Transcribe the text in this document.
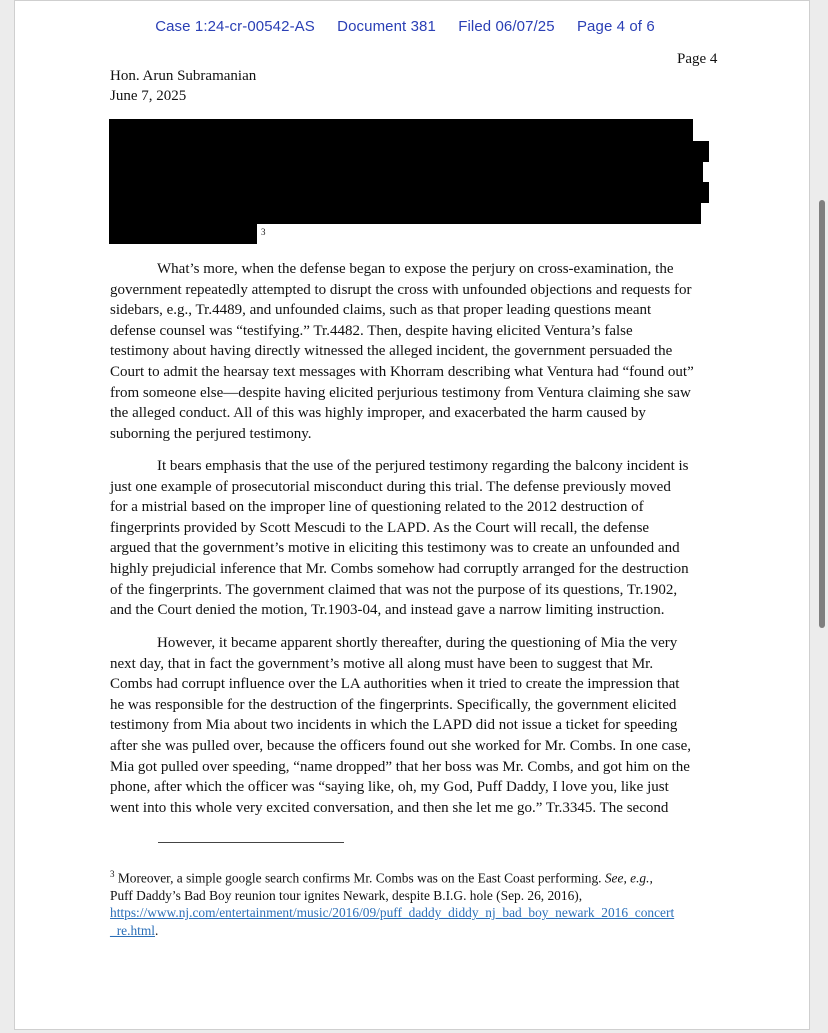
Case 1:24-cr-00542-AS Document 381 Filed 06/07/25 Page 4 of 6
Page 4
Hon. Arun Subramanian
June 7, 2025
3
What’s more, when the defense began to expose the perjury on cross-examination, the
government repeatedly attempted to disrupt the cross with unfounded objections and requests for
sidebars, e.g., Tr.4489, and unfounded claims, such as that proper leading questions meant
defense counsel was “testifying.” Tr.4482. Then, despite having elicited Ventura’s false
testimony about having directly witnessed the alleged incident, the government persuaded the
Court to admit the hearsay text messages with Khorram describing what Ventura had “found out”
from someone else—despite having elicited perjurious testimony from Ventura claiming she saw
the alleged conduct. All of this was highly improper, and exacerbated the harm caused by
suborning the perjured testimony.
It bears emphasis that the use of the perjured testimony regarding the balcony incident is
just one example of prosecutorial misconduct during this trial. The defense previously moved
for a mistrial based on the improper line of questioning related to the 2012 destruction of
fingerprints provided by Scott Mescudi to the LAPD. As the Court will recall, the defense
argued that the government’s motive in eliciting this testimony was to create an unfounded and
highly prejudicial inference that Mr. Combs somehow had corruptly arranged for the destruction
of the fingerprints. The government claimed that was not the purpose of its questions, Tr.1902,
and the Court denied the motion, Tr.1903-04, and instead gave a narrow limiting instruction.
However, it became apparent shortly thereafter, during the questioning of Mia the very
next day, that in fact the government’s motive all along must have been to suggest that Mr.
Combs had corrupt influence over the LA authorities when it tried to create the impression that
he was responsible for the destruction of the fingerprints. Specifically, the government elicited
testimony from Mia about two incidents in which the LAPD did not issue a ticket for speeding
after she was pulled over, because the officers found out she worked for Mr. Combs. In one case,
Mia got pulled over speeding, “name dropped” that her boss was Mr. Combs, and got him on the
phone, after which the officer was “saying like, oh, my God, Puff Daddy, I love you, like just
went into this whole very excited conversation, and then she let me go.” Tr.3345. The second
$^3$ Moreover, a simple google search confirms Mr. Combs was on the East Coast performing. See, e.g.,
Puff Daddy’s Bad Boy reunion tour ignites Newark, despite B.I.G. hole (Sep. 26, 2016),
https://www.nj.com/entertainment/music/2016/09/puff_daddy_diddy_nj_bad_boy_newark_2016_concert
_re.html.
